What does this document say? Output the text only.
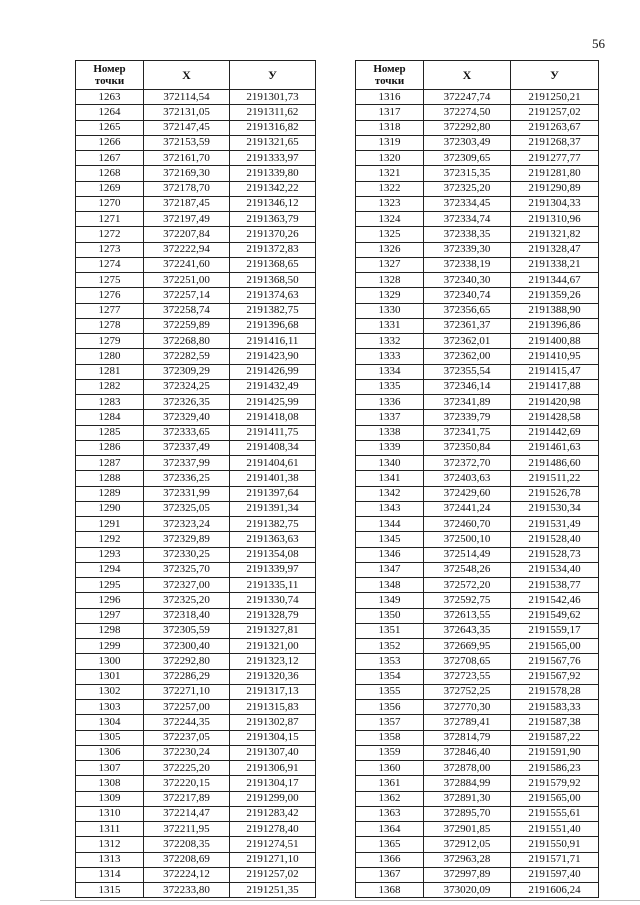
56
Номер
точки	X	У
1263	372114,54	2191301,73
1264	372131,05	2191311,62
1265	372147,45	2191316,82
1266	372153,59	2191321,65
1267	372161,70	2191333,97
1268	372169,30	2191339,80
1269	372178,70	2191342,22
1270	372187,45	2191346,12
1271	372197,49	2191363,79
1272	372207,84	2191370,26
1273	372222,94	2191372,83
1274	372241,60	2191368,65
1275	372251,00	2191368,50
1276	372257,14	2191374,63
1277	372258,74	2191382,75
1278	372259,89	2191396,68
1279	372268,80	2191416,11
1280	372282,59	2191423,90
1281	372309,29	2191426,99
1282	372324,25	2191432,49
1283	372326,35	2191425,99
1284	372329,40	2191418,08
1285	372333,65	2191411,75
1286	372337,49	2191408,34
1287	372337,99	2191404,61
1288	372336,25	2191401,38
1289	372331,99	2191397,64
1290	372325,05	2191391,34
1291	372323,24	2191382,75
1292	372329,89	2191363,63
1293	372330,25	2191354,08
1294	372325,70	2191339,97
1295	372327,00	2191335,11
1296	372325,20	2191330,74
1297	372318,40	2191328,79
1298	372305,59	2191327,81
1299	372300,40	2191321,00
1300	372292,80	2191323,12
1301	372286,29	2191320,36
1302	372271,10	2191317,13
1303	372257,00	2191315,83
1304	372244,35	2191302,87
1305	372237,05	2191304,15
1306	372230,24	2191307,40
1307	372225,20	2191306,91
1308	372220,15	2191304,17
1309	372217,89	2191299,00
1310	372214,47	2191283,42
1311	372211,95	2191278,40
1312	372208,35	2191274,51
1313	372208,69	2191271,10
1314	372224,12	2191257,02
1315	372233,80	2191251,35
Номер
точки	X	У
1316	372247,74	2191250,21
1317	372274,50	2191257,02
1318	372292,80	2191263,67
1319	372303,49	2191268,37
1320	372309,65	2191277,77
1321	372315,35	2191281,80
1322	372325,20	2191290,89
1323	372334,45	2191304,33
1324	372334,74	2191310,96
1325	372338,35	2191321,82
1326	372339,30	2191328,47
1327	372338,19	2191338,21
1328	372340,30	2191344,67
1329	372340,74	2191359,26
1330	372356,65	2191388,90
1331	372361,37	2191396,86
1332	372362,01	2191400,88
1333	372362,00	2191410,95
1334	372355,54	2191415,47
1335	372346,14	2191417,88
1336	372341,89	2191420,98
1337	372339,79	2191428,58
1338	372341,75	2191442,69
1339	372350,84	2191461,63
1340	372372,70	2191486,60
1341	372403,63	2191511,22
1342	372429,60	2191526,78
1343	372441,24	2191530,34
1344	372460,70	2191531,49
1345	372500,10	2191528,40
1346	372514,49	2191528,73
1347	372548,26	2191534,40
1348	372572,20	2191538,77
1349	372592,75	2191542,46
1350	372613,55	2191549,62
1351	372643,35	2191559,17
1352	372669,95	2191565,00
1353	372708,65	2191567,76
1354	372723,55	2191567,92
1355	372752,25	2191578,28
1356	372770,30	2191583,33
1357	372789,41	2191587,38
1358	372814,79	2191587,22
1359	372846,40	2191591,90
1360	372878,00	2191586,23
1361	372884,99	2191579,92
1362	372891,30	2191565,00
1363	372895,70	2191555,61
1364	372901,85	2191551,40
1365	372912,05	2191550,91
1366	372963,28	2191571,71
1367	372997,89	2191597,40
1368	373020,09	2191606,24
